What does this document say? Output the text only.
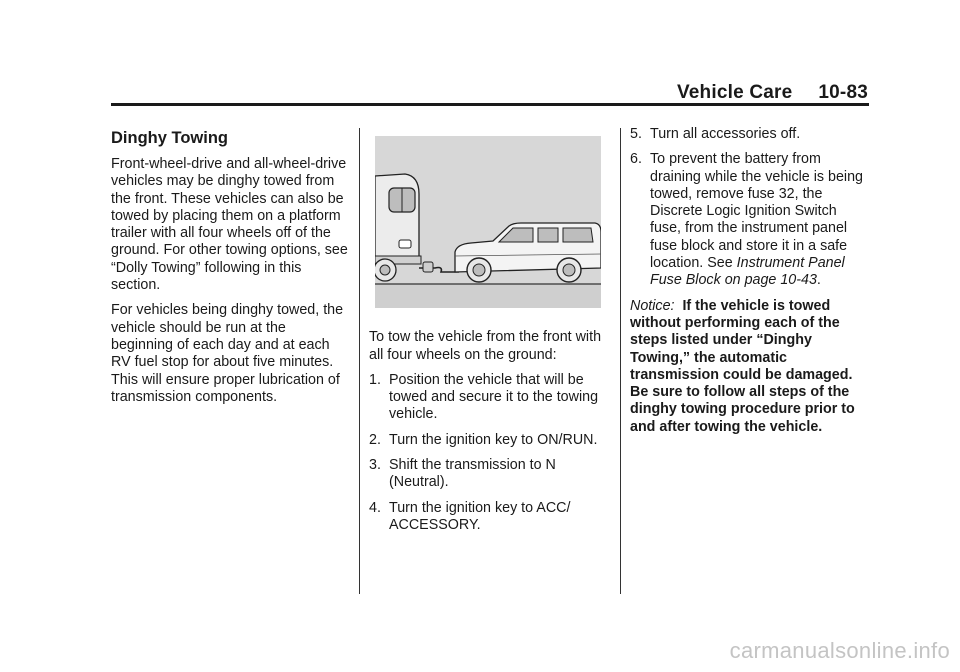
Vehicle Care 10-83
Dinghy Towing

Front-wheel-drive and all-wheel-drive vehicles may be dinghy towed from the front. These vehicles can also be towed by placing them on a platform trailer with all four wheels off of the ground. For other towing options, see “Dolly Towing” following in this section.

For vehicles being dinghy towed, the vehicle should be run at the beginning of each day and at each RV fuel stop for about five minutes. This will ensure proper lubrication of transmission components.

To tow the vehicle from the front with all four wheels on the ground:

1. Position the vehicle that will be towed and secure it to the towing vehicle.
2. Turn the ignition key to ON/RUN.
3. Shift the transmission to N (Neutral).
4. Turn the ignition key to ACC/ ACCESSORY.
5. Turn all accessories off.
6. To prevent the battery from draining while the vehicle is being towed, remove fuse 32, the Discrete Logic Ignition Switch fuse, from the instrument panel fuse block and store it in a safe location. See Instrument Panel Fuse Block on page 10-43.

Notice: If the vehicle is towed without performing each of the steps listed under “Dinghy Towing,” the automatic transmission could be damaged. Be sure to follow all steps of the dinghy towing procedure prior to and after towing the vehicle.

carmanualsonline.info
